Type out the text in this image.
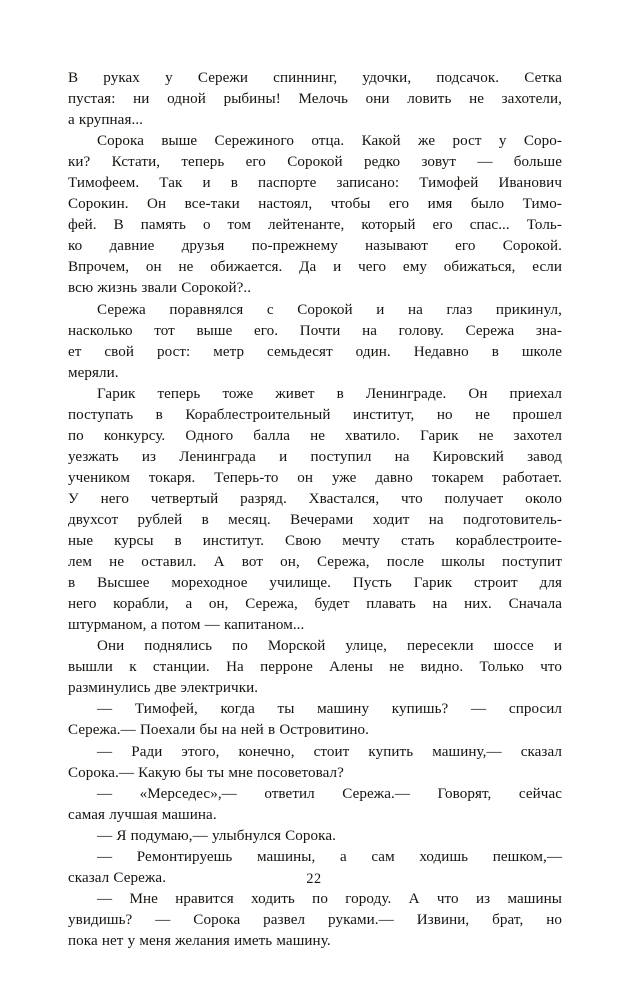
В руках у Сережи спиннинг, удочки, подсачок. Сетка
пустая: ни одной рыбины! Мелочь они ловить не захотели,
а крупная...

Сорока выше Сережиного отца. Какой же рост у Соро-
ки? Кстати, теперь его Сорокой редко зовут — больше
Тимофеем. Так и в паспорте записано: Тимофей Иванович
Сорокин. Он все-таки настоял, чтобы его имя было Тимо-
фей. В память о том лейтенанте, который его спас... Толь-
ко давние друзья по-прежнему называют его Сорокой.
Впрочем, он не обижается. Да и чего ему обижаться, если
всю жизнь звали Сорокой?..

Сережа поравнялся с Сорокой и на глаз прикинул,
насколько тот выше его. Почти на голову. Сережа зна-
ет свой рост: метр семьдесят один. Недавно в школе
меряли.

Гарик теперь тоже живет в Ленинграде. Он приехал
поступать в Кораблестроительный институт, но не прошел
по конкурсу. Одного балла не хватило. Гарик не захотел
уезжать из Ленинграда и поступил на Кировский завод
учеником токаря. Теперь-то он уже давно токарем работает.
У него четвертый разряд. Хвастался, что получает около
двухсот рублей в месяц. Вечерами ходит на подготовитель-
ные курсы в институт. Свою мечту стать кораблестроите-
лем не оставил. А вот он, Сережа, после школы поступит
в Высшее мореходное училище. Пусть Гарик строит для
него корабли, а он, Сережа, будет плавать на них. Сначала
штурманом, а потом — капитаном...

Они поднялись по Морской улице, пересекли шоссе и
вышли к станции. На перроне Алены не видно. Только что
разминулись две электрички.

— Тимофей, когда ты машину купишь? — спросил
Сережа.— Поехали бы на ней в Островитино.

— Ради этого, конечно, стоит купить машину,— сказал
Сорока.— Какую бы ты мне посоветовал?

— «Мерседес»,— ответил Сережа.— Говорят, сейчас
самая лучшая машина.

— Я подумаю,— улыбнулся Сорока.

— Ремонтируешь машины, а сам ходишь пешком,—
сказал Сережа.

— Мне нравится ходить по городу. А что из машины
увидишь? — Сорока развел руками.— Извини, брат, но
пока нет у меня желания иметь машину.

22
